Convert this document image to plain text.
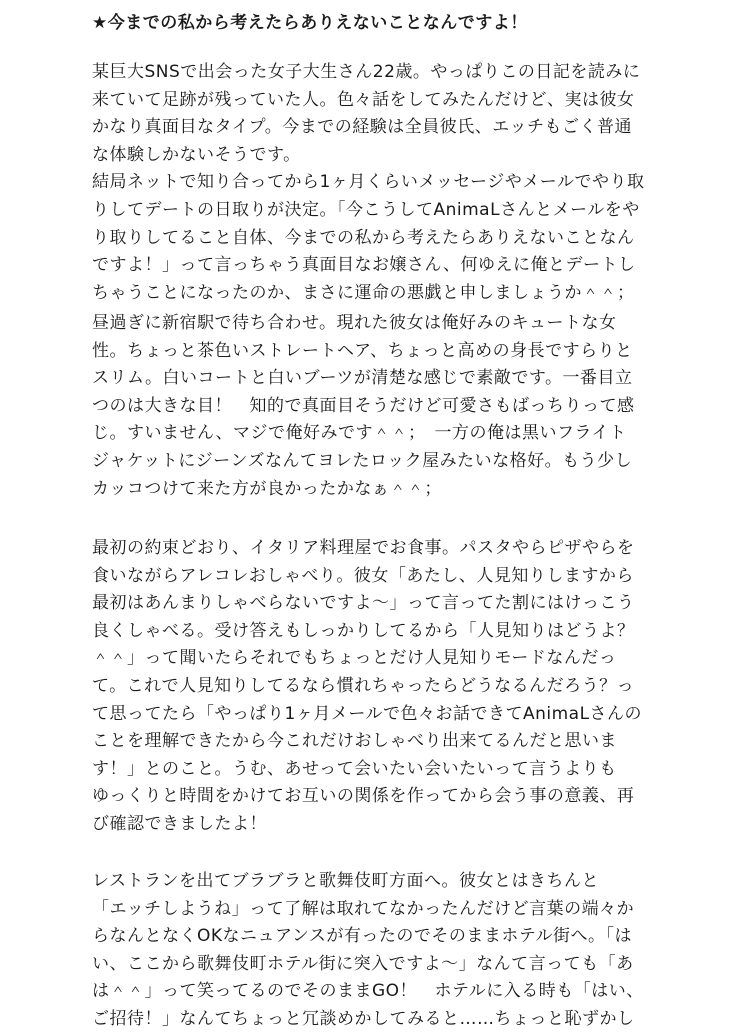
★今までの私から考えたらありえないことなんですよ！

某巨大SNSで出会った女子大生さん22歳。やっぱりこの日記を読みに
来ていて足跡が残っていた人。色々話をしてみたんだけど、実は彼女
かなり真面目なタイプ。今までの経験は全員彼氏、エッチもごく普通
な体験しかないそうです。
結局ネットで知り合ってから1ヶ月くらいメッセージやメールでやり取
りしてデートの日取りが決定。「今こうしてAnimaLさんとメールをや
り取りしてること自体、今までの私から考えたらありえないことなん
ですよ！」って言っちゃう真面目なお嬢さん、何ゆえに俺とデートし
ちゃうことになったのか、まさに運命の悪戯と申しましょうか＾＾；

昼過ぎに新宿駅で待ち合わせ。現れた彼女は俺好みのキュートな女
性。ちょっと茶色いストレートヘア、ちょっと高めの身長ですらりと
スリム。白いコートと白いブーツが清楚な感じで素敵です。一番目立
つのは大きな目！　知的で真面目そうだけど可愛さもばっちりって感
じ。すいません、マジで俺好みです＾＾；　一方の俺は黒いフライト
ジャケットにジーンズなんてヨレたロック屋みたいな格好。もう少し
カッコつけて来た方が良かったかなぁ＾＾；

最初の約束どおり、イタリア料理屋でお食事。パスタやらピザやらを
食いながらアレコレおしゃべり。彼女「あたし、人見知りしますから
最初はあんまりしゃべらないですよ〜」って言ってた割にはけっこう
良くしゃべる。受け答えもしっかりしてるから「人見知りはどうよ？
＾＾」って聞いたらそれでもちょっとだけ人見知りモードなんだっ
て。これで人見知りしてるなら慣れちゃったらどうなるんだろう？っ
て思ってたら「やっぱり1ヶ月メールで色々お話できてAnimaLさんの
ことを理解できたから今これだけおしゃべり出来てるんだと思いま
す！」とのこと。うむ、あせって会いたい会いたいって言うよりも
ゆっくりと時間をかけてお互いの関係を作ってから会う事の意義、再
び確認できましたよ！

レストランを出てブラブラと歌舞伎町方面へ。彼女とはきちんと
「エッチしようね」って了解は取れてなかったんだけど言葉の端々か
らなんとなくOKなニュアンスが有ったのでそのままホテル街へ。「は
い、ここから歌舞伎町ホテル街に突入ですよ〜」なんて言っても「あ
は＾＾」って笑ってるのでそのままGO！　ホテルに入る時も「はい、
ご招待！」なんてちょっと冗談めかしてみると……ちょっと恥ずかし
